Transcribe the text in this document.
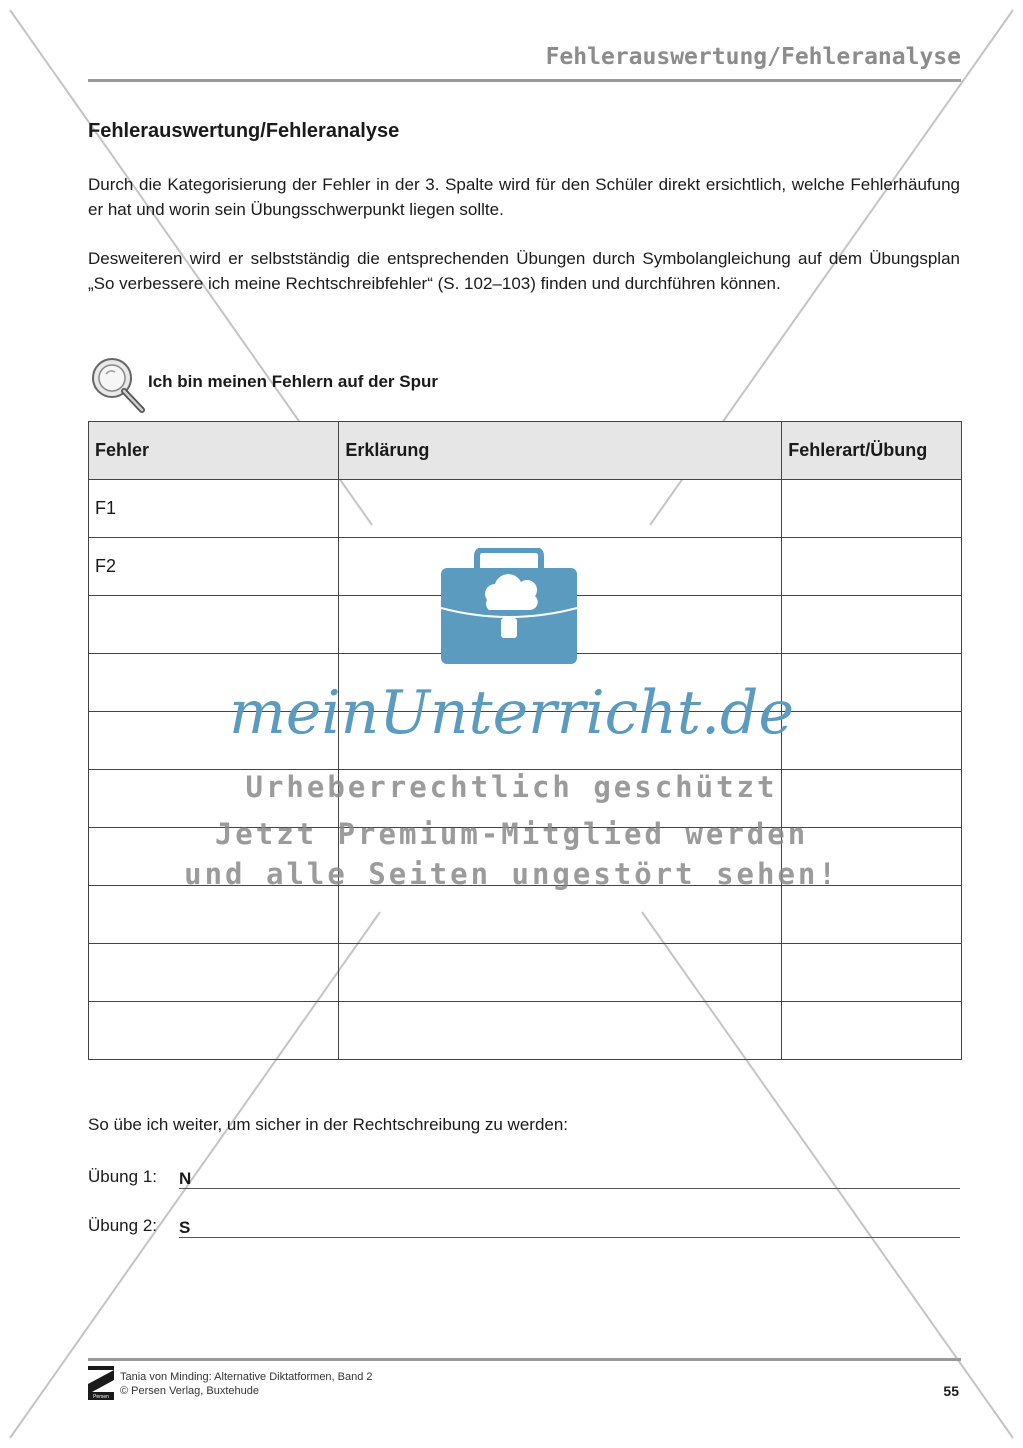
Fehlerauswertung/Fehleranalyse
Fehlerauswertung/Fehleranalyse
Durch die Kategorisierung der Fehler in der 3. Spalte wird für den Schüler direkt ersichtlich, welche Fehlerhäufung er hat und worin sein Übungsschwerpunkt liegen sollte.
Desweiteren wird er selbstständig die entsprechenden Übungen durch Symbolangleichung auf dem Übungsplan „So verbessere ich meine Rechtschreibfehler“ (S. 102–103) finden und durchführen können.
Ich bin meinen Fehlern auf der Spur
Fehler	Erklärung	Fehlerart/Übung
F1		
F2		

meinUnterricht.de
Urheberrechtlich geschützt
Jetzt Premium-Mitglied werden
und alle Seiten ungestört sehen!
So übe ich weiter, um sicher in der Rechtschreibung zu werden:
Übung 1: N
Übung 2: S
Persen
Tania von Minding: Alternative Diktatformen, Band 2
© Persen Verlag, Buxtehude	55
